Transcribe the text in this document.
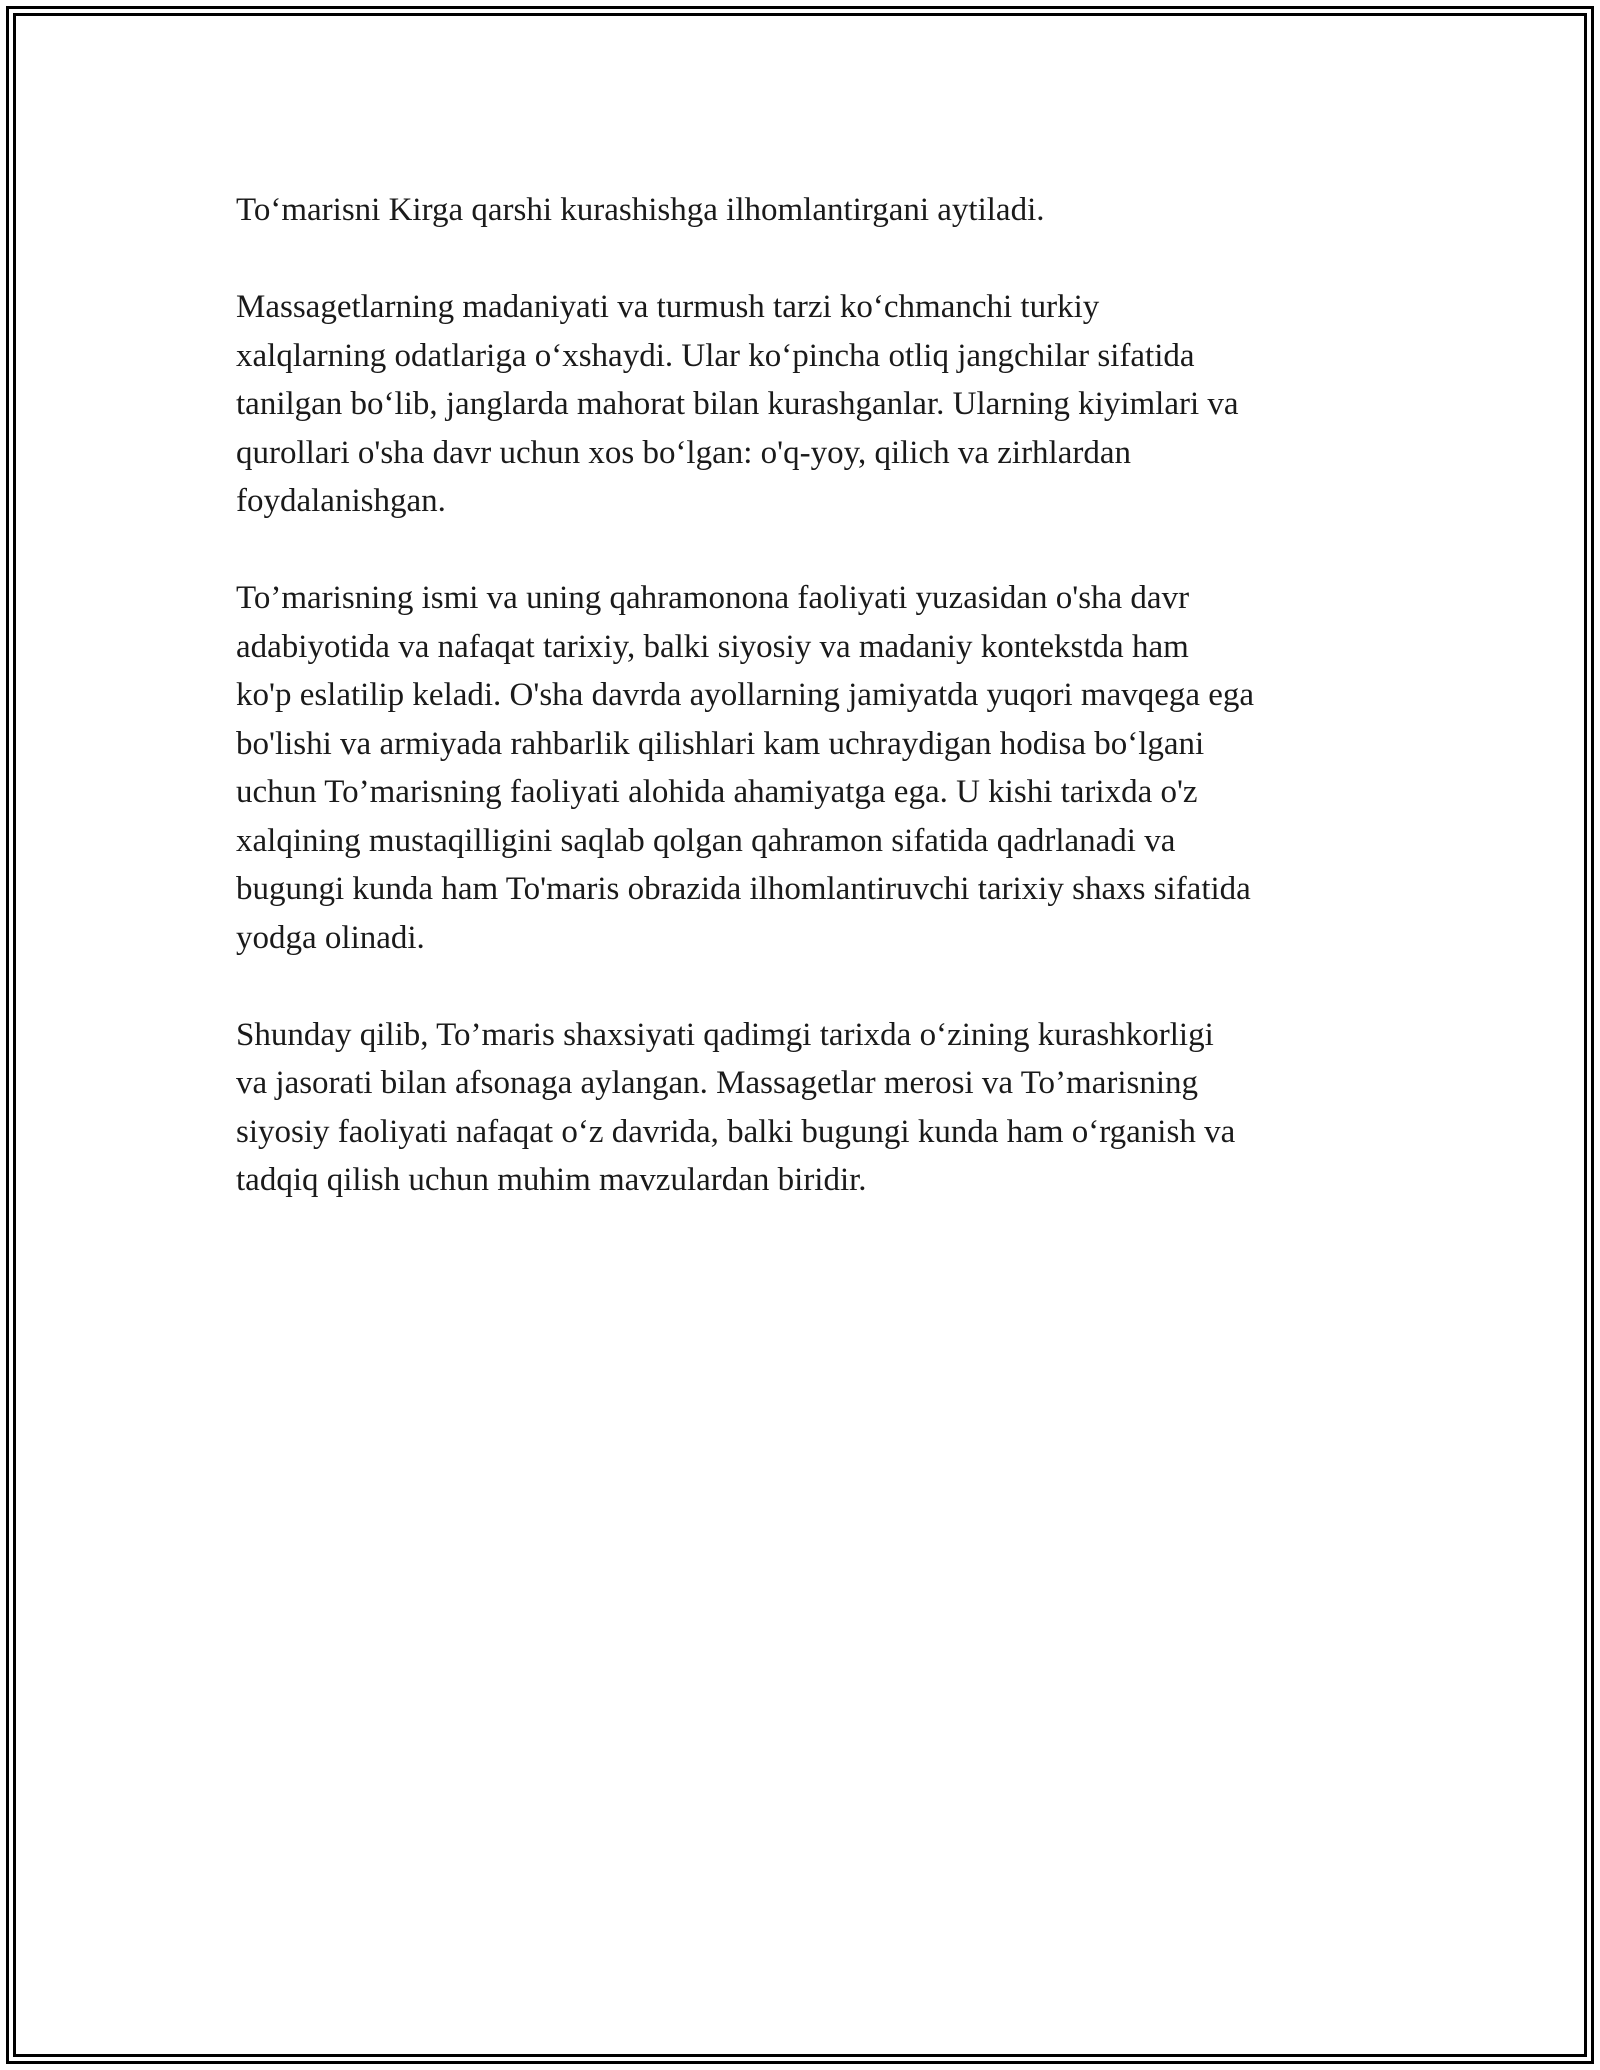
To‘marisni Kirga qarshi kurashishga ilhomlantirgani aytiladi.

Massagetlarning madaniyati va turmush tarzi ko‘chmanchi turkiy
xalqlarning odatlariga o‘xshaydi. Ular ko‘pincha otliq jangchilar sifatida
tanilgan bo‘lib, janglarda mahorat bilan kurashganlar. Ularning kiyimlari va
qurollari o'sha davr uchun xos bo‘lgan: o'q-yoy, qilich va zirhlardan
foydalanishgan.

To’marisning ismi va uning qahramonona faoliyati yuzasidan o'sha davr
adabiyotida va nafaqat tarixiy, balki siyosiy va madaniy kontekstda ham
ko'p eslatilip keladi. O'sha davrda ayollarning jamiyatda yuqori mavqega ega
bo'lishi va armiyada rahbarlik qilishlari kam uchraydigan hodisa bo‘lgani
uchun To’marisning faoliyati alohida ahamiyatga ega. U kishi tarixda o'z
xalqining mustaqilligini saqlab qolgan qahramon sifatida qadrlanadi va
bugungi kunda ham To'maris obrazida ilhomlantiruvchi tarixiy shaxs sifatida
yodga olinadi.

Shunday qilib, To’maris shaxsiyati qadimgi tarixda o‘zining kurashkorligi
va jasorati bilan afsonaga aylangan. Massagetlar merosi va To’marisning
siyosiy faoliyati nafaqat o‘z davrida, balki bugungi kunda ham o‘rganish va
tadqiq qilish uchun muhim mavzulardan biridir.
